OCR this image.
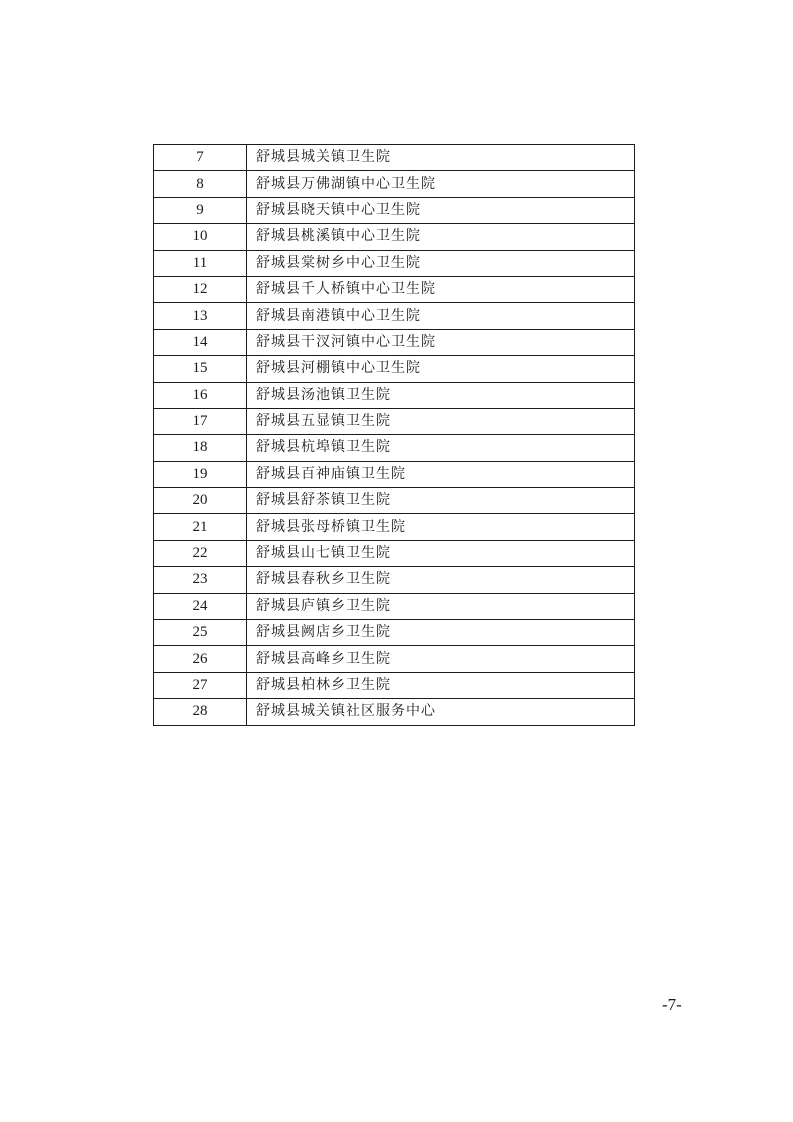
7	舒城县城关镇卫生院
8	舒城县万佛湖镇中心卫生院
9	舒城县晓天镇中心卫生院
10	舒城县桃溪镇中心卫生院
11	舒城县棠树乡中心卫生院
12	舒城县千人桥镇中心卫生院
13	舒城县南港镇中心卫生院
14	舒城县干汊河镇中心卫生院
15	舒城县河棚镇中心卫生院
16	舒城县汤池镇卫生院
17	舒城县五显镇卫生院
18	舒城县杭埠镇卫生院
19	舒城县百神庙镇卫生院
20	舒城县舒茶镇卫生院
21	舒城县张母桥镇卫生院
22	舒城县山七镇卫生院
23	舒城县春秋乡卫生院
24	舒城县庐镇乡卫生院
25	舒城县阙店乡卫生院
26	舒城县高峰乡卫生院
27	舒城县柏林乡卫生院
28	舒城县城关镇社区服务中心
-7-
